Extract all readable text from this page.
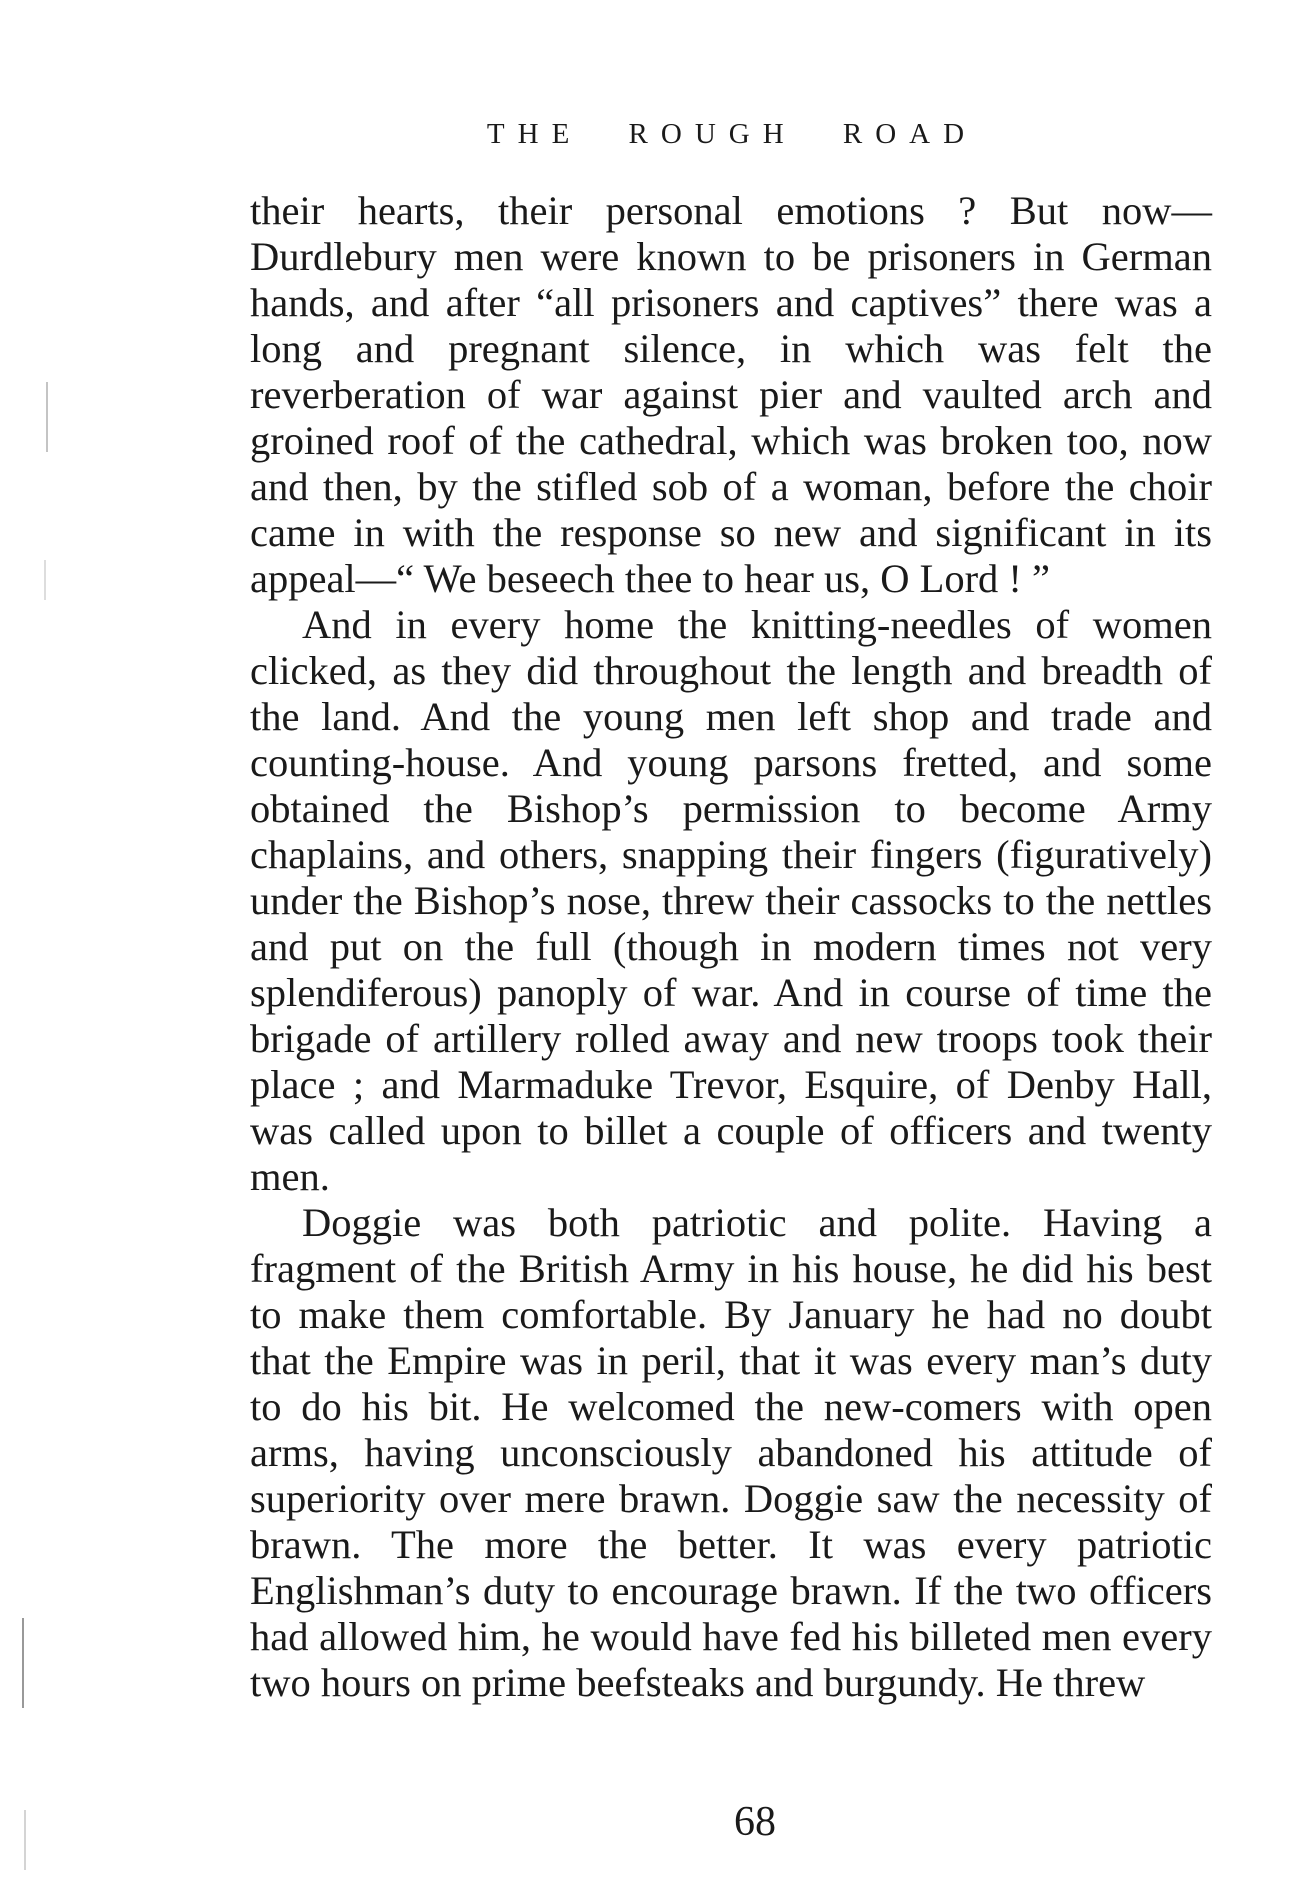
THE ROUGH ROAD

their hearts, their personal emotions ? But now— Durdlebury men were known to be prisoners in German hands, and after “all prisoners and captives” there was a long and pregnant silence, in which was felt the reverberation of war against pier and vaulted arch and groined roof of the cathedral, which was broken too, now and then, by the stifled sob of a woman, before the choir came in with the response so new and significant in its appeal—“ We beseech thee to hear us, O Lord ! ”

And in every home the knitting-needles of women clicked, as they did throughout the length and breadth of the land. And the young men left shop and trade and counting-house. And young parsons fretted, and some obtained the Bishop’s permission to become Army chaplains, and others, snapping their fingers (figuratively) under the Bishop’s nose, threw their cassocks to the nettles and put on the full (though in modern times not very splendiferous) panoply of war. And in course of time the brigade of artillery rolled away and new troops took their place ; and Marmaduke Trevor, Esquire, of Denby Hall, was called upon to billet a couple of officers and twenty men.

Doggie was both patriotic and polite. Having a fragment of the British Army in his house, he did his best to make them comfortable. By January he had no doubt that the Empire was in peril, that it was every man’s duty to do his bit. He welcomed the new-comers with open arms, having unconsciously abandoned his attitude of superiority over mere brawn. Doggie saw the necessity of brawn. The more the better. It was every patriotic Englishman’s duty to encourage brawn. If the two officers had allowed him, he would have fed his billeted men every two hours on prime beefsteaks and burgundy. He threw

68
